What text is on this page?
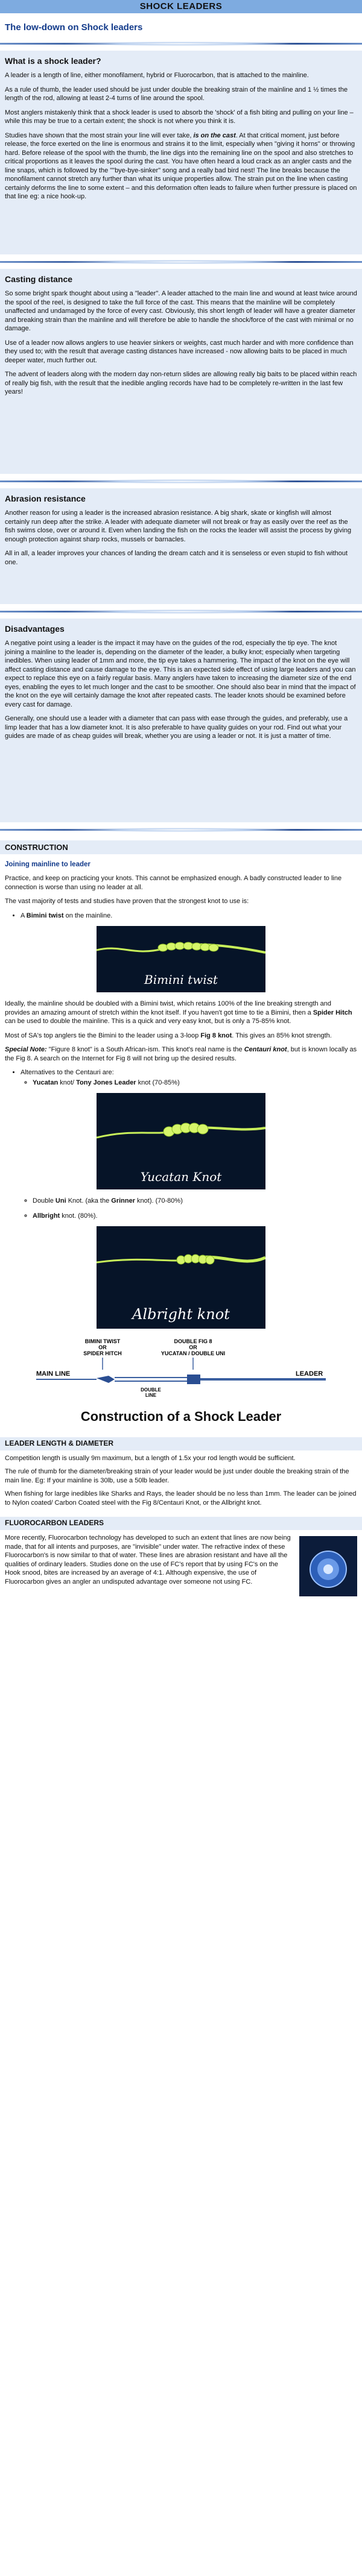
SHOCK LEADERS
The low-down on Shock leaders
What is a shock leader?

A leader is a length of line, either monofilament, hybrid or Fluorocarbon, that is attached to the mainline.

As a rule of thumb, the leader used should be just under double the breaking strain of the mainline and 1 ½ times the length of the rod, allowing at least 2-4 turns of line around the spool.

Most anglers mistakenly think that a shock leader is used to absorb the 'shock' of a fish biting and pulling on your line – while this may be true to a certain extent; the shock is not where you think it is.

Studies have shown that the most strain your line will ever take, is on the cast. At that critical moment, just before release, the force exerted on the line is enormous and strains it to the limit, especially when "giving it horns" or throwing hard. Before release of the spool with the thumb, the line digs into the remaining line on the spool and also stretches to critical proportions as it leaves the spool during the cast. You have often heard a loud crack as an angler casts and the line snaps, which is followed by the ""bye-bye-sinker" song and a really bad bird nest! The line breaks because the monofilament cannot stretch any further than what its unique properties allow. The strain put on the line when casting certainly deforms the line to some extent – and this deformation often leads to failure when further pressure is placed on that line eg: a nice hook-up.

Casting distance

So some bright spark thought about using a "leader". A leader attached to the main line and wound at least twice around the spool of the reel, is designed to take the full force of the cast. This means that the mainline will be completely unaffected and undamaged by the force of every cast. Obviously, this short length of leader will have a greater diameter and breaking strain than the mainline and will therefore be able to handle the shock/force of the cast with minimal or no damage.

Use of a leader now allows anglers to use heavier sinkers or weights, cast much harder and with more confidence than they used to; with the result that average casting distances have increased - now allowing baits to be placed in much deeper water, much further out.

The advent of leaders along with the modern day non-return slides are allowing really big baits to be placed within reach of really big fish, with the result that the inedible angling records have had to be completely re-written in the last few years!

Abrasion resistance

Another reason for using a leader is the increased abrasion resistance. A big shark, skate or kingfish will almost certainly run deep after the strike. A leader with adequate diameter will not break or fray as easily over the reef as the fish swims close, over or around it. Even when landing the fish on the rocks the leader will assist the process by giving enough protection against sharp rocks, mussels or barnacles.

All in all, a leader improves your chances of landing the dream catch and it is senseless or even stupid to fish without one.

Disadvantages

A negative point using a leader is the impact it may have on the guides of the rod, especially the tip eye. The knot joining a mainline to the leader is, depending on the diameter of the leader, a bulky knot; especially when targeting inedibles. When using leader of 1mm and more, the tip eye takes a hammering. The impact of the knot on the eye will affect casting distance and cause damage to the eye. This is an expected side effect of using large leaders and you can expect to replace this eye on a fairly regular basis. Many anglers have taken to increasing the diameter size of the end eyes, enabling the eyes to let much longer and the cast to be smoother. One should also bear in mind that the impact of the knot on the eye will certainly damage the knot after repeated casts. The leader knots should be examined before every cast for damage.

Generally, one should use a leader with a diameter that can pass with ease through the guides, and preferably, use a limp leader that has a low diameter knot. It is also preferable to have quality guides on your rod. Find out what your guides are made of as cheap guides will break, whether you are using a leader or not. It is just a matter of time.

CONSTRUCTION
Joining mainline to leader

Practice, and keep on practicing your knots. This cannot be emphasized enough. A badly constructed leader to line connection is worse than using no leader at all.

The vast majority of tests and studies have proven that the strongest knot to use is:

• A Bimini twist on the mainline.
Bimini twist

Ideally, the mainline should be doubled with a Bimini twist, which retains 100% of the line breaking strength and provides an amazing amount of stretch within the knot itself. If you haven't got time to tie a Bimini, then a Spider Hitch can be used to double the mainline. This is a quick and very easy knot, but is only a 75-85% knot.

Most of SA's top anglers tie the Bimini to the leader using a 3-loop Fig 8 knot. This gives an 85% knot strength.

Special Note: "Figure 8 knot" is a South African-ism. This knot's real name is the Centauri knot, but is known locally as the Fig 8. A search on the Internet for Fig 8 will not bring up the desired results.

• Alternatives to the Centauri are:
◦ Yucatan knot/ Tony Jones Leader knot (70-85%)
Yucatan Knot
◦ Double Uni Knot. (aka the Grinner knot). (70-80%)
◦ Allbright knot. (80%).
Albright knot
BIMINI TWIST
OR
SPIDER HITCH
DOUBLE FIG 8
OR
YUCATAN / DOUBLE UNI
MAIN LINE	LEADER
DOUBLE
LINE
Construction of a Shock Leader
LEADER LENGTH & DIAMETER

Competition length is usually 9m maximum, but a length of 1.5x your rod length would be sufficient.

The rule of thumb for the diameter/breaking strain of your leader would be just under double the breaking strain of the main line. Eg: If your mainline is 30lb, use a 50lb leader.

When fishing for large inedibles like Sharks and Rays, the leader should be no less than 1mm. The leader can be joined to Nylon coated/ Carbon Coated steel with the Fig 8/Centauri Knot, or the Allbright knot.

FLUOROCARBON LEADERS

More recently, Fluorocarbon technology has developed to such an extent that lines are now being made, that for all intents and purposes, are "invisible" under water. The refractive index of these Fluorocarbon's is now similar to that of water. These lines are abrasion resistant and have all the qualities of ordinary leaders. Studies done on the use of FC's report that by using FC's on the Hook snood, bites are increased by an average of 4:1. Although expensive, the use of Fluorocarbon gives an angler an undisputed advantage over someone not using FC.
